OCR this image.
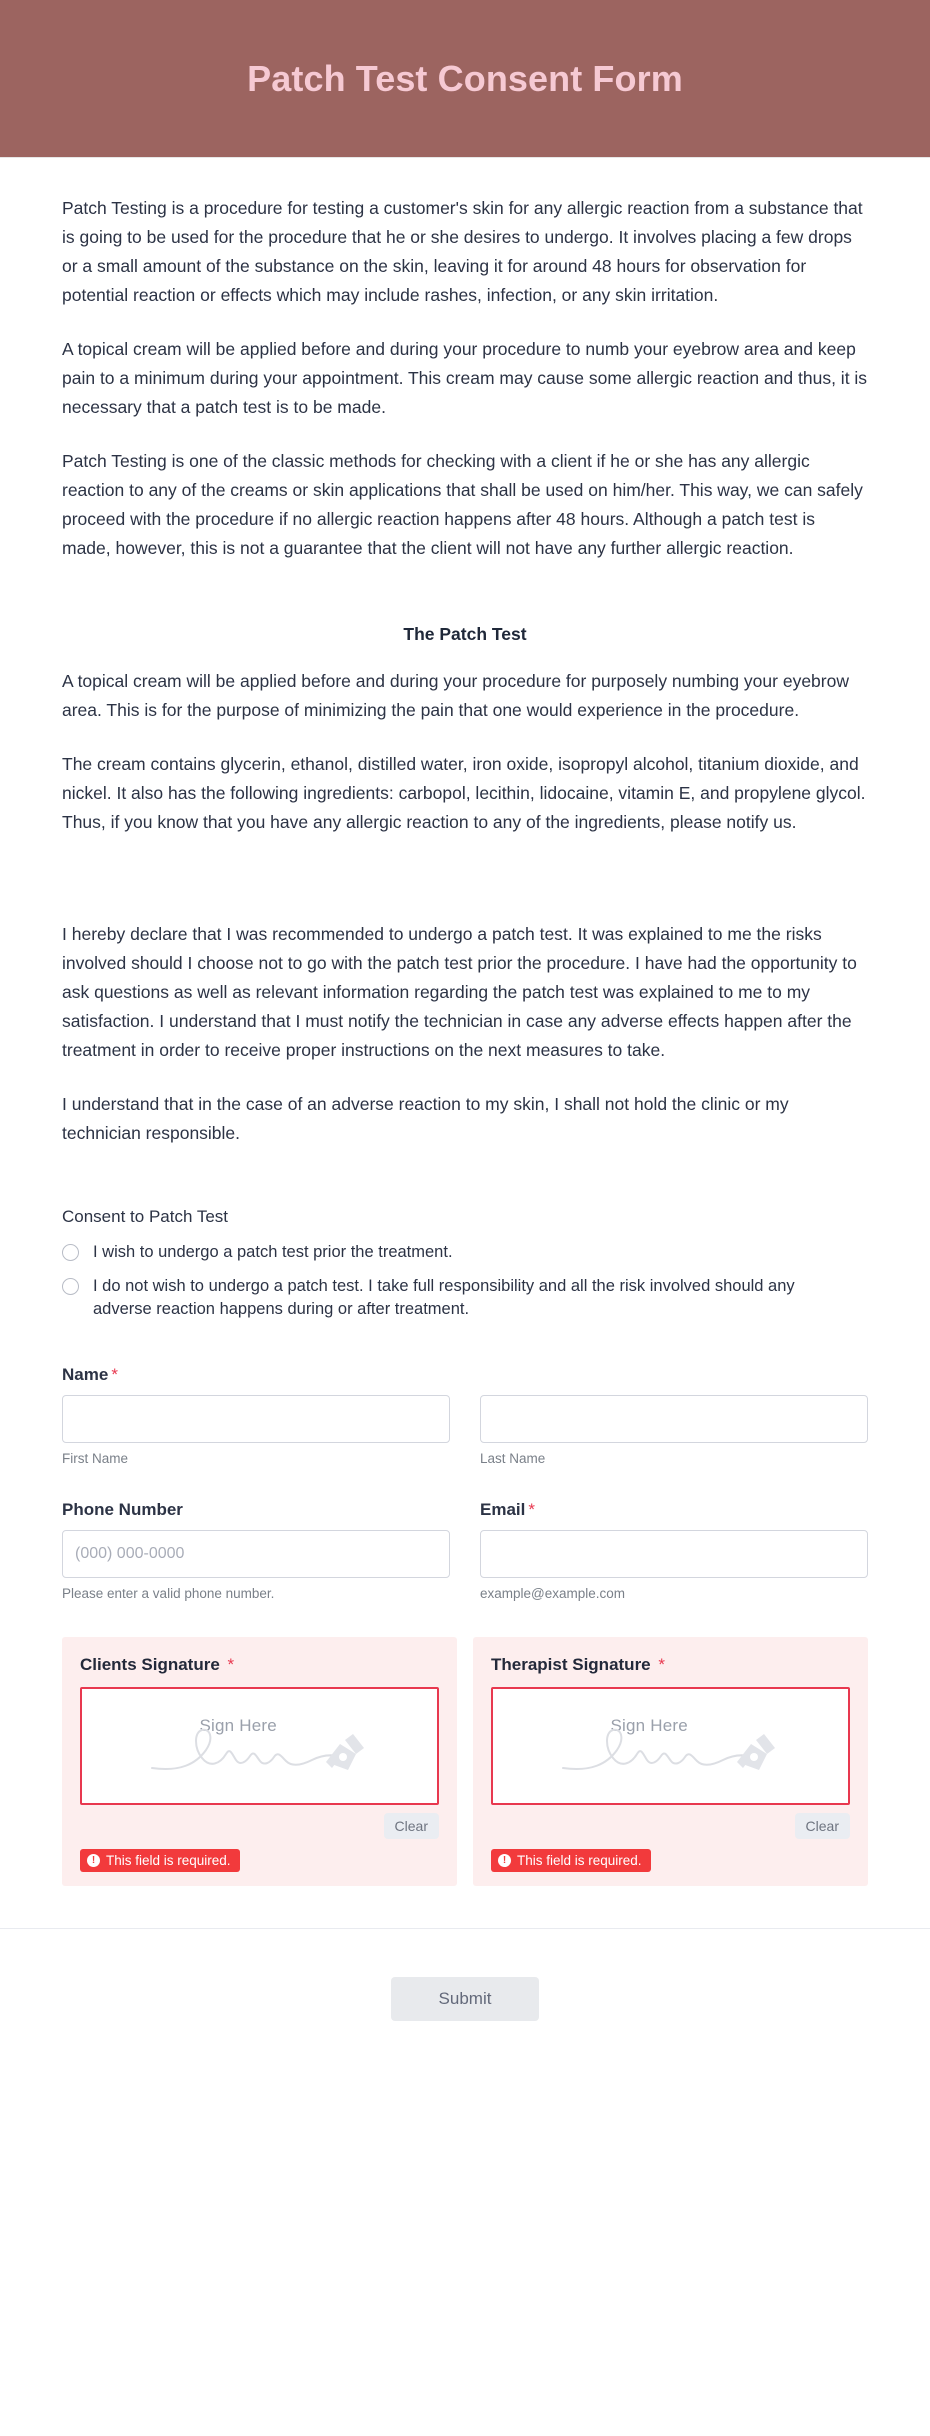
Patch Test Consent Form

Patch Testing is a procedure for testing a customer's skin for any allergic reaction from a substance that is going to be used for the procedure that he or she desires to undergo. It involves placing a few drops or a small amount of the substance on the skin, leaving it for around 48 hours for observation for potential reaction or effects which may include rashes, infection, or any skin irritation.

A topical cream will be applied before and during your procedure to numb your eyebrow area and keep pain to a minimum during your appointment. This cream may cause some allergic reaction and thus, it is necessary that a patch test is to be made.

Patch Testing is one of the classic methods for checking with a client if he or she has any allergic reaction to any of the creams or skin applications that shall be used on him/her. This way, we can safely proceed with the procedure if no allergic reaction happens after 48 hours. Although a patch test is made, however, this is not a guarantee that the client will not have any further allergic reaction.

The Patch Test

A topical cream will be applied before and during your procedure for purposely numbing your eyebrow area. This is for the purpose of minimizing the pain that one would experience in the procedure.

The cream contains glycerin, ethanol, distilled water, iron oxide, isopropyl alcohol, titanium dioxide, and nickel. It also has the following ingredients: carbopol, lecithin, lidocaine, vitamin E, and propylene glycol. Thus, if you know that you have any allergic reaction to any of the ingredients, please notify us.

I hereby declare that I was recommended to undergo a patch test. It was explained to me the risks involved should I choose not to go with the patch test prior the procedure. I have had the opportunity to ask questions as well as relevant information regarding the patch test was explained to me to my satisfaction. I understand that I must notify the technician in case any adverse effects happen after the treatment in order to receive proper instructions on the next measures to take.

I understand that in the case of an adverse reaction to my skin, I shall not hold the clinic or my technician responsible.

Consent to Patch Test
I wish to undergo a patch test prior the treatment.
I do not wish to undergo a patch test. I take full responsibility and all the risk involved should any adverse reaction happens during or after treatment.
Name *
First Name	Last Name
Phone Number
(000) 000-0000
Please enter a valid phone number.
Email *
example@example.com
Clients Signature *
Sign Here
Clear
! This field is required.
Therapist Signature *
Sign Here
Clear
! This field is required.
Submit
